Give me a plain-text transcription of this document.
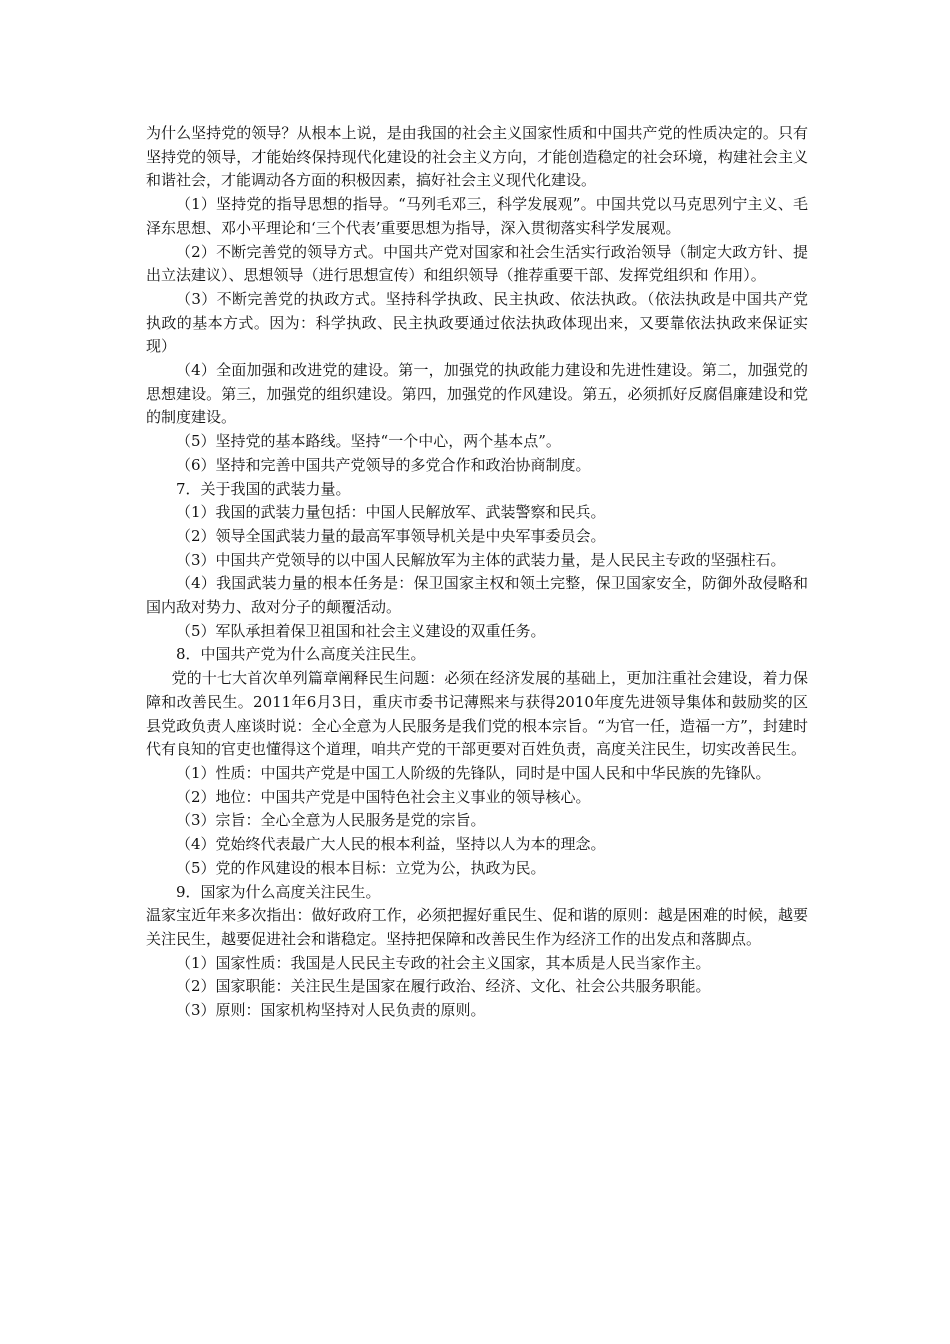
为什么坚持党的领导？从根本上说，是由我国的社会主义国家性质和中国共产党的性质决定的。只有坚持党的领导，才能始终保持现代化建设的社会主义方向，才能创造稳定的社会环境，构建社会主义和谐社会，才能调动各方面的积极因素，搞好社会主义现代化建设。

（1）坚持党的指导思想的指导。“马列毛邓三，科学发展观”。中国共党以马克思列宁主义、毛泽东思想、邓小平理论和‘三个代表’重要思想为指导，深入贯彻落实科学发展观。

（2）不断完善党的领导方式。中国共产党对国家和社会生活实行政治领导（制定大政方针、提出立法建议）、思想领导（进行思想宣传）和组织领导（推荐重要干部、发挥党组织和 作用）。

（3）不断完善党的执政方式。坚持科学执政、民主执政、依法执政。（依法执政是中国共产党执政的基本方式。因为：科学执政、民主执政要通过依法执政体现出来，又要靠依法执政来保证实现）

（4）全面加强和改进党的建设。第一，加强党的执政能力建设和先进性建设。第二，加强党的思想建设。第三，加强党的组织建设。第四，加强党的作风建设。第五，必须抓好反腐倡廉建设和党的制度建设。

（5）坚持党的基本路线。坚持“一个中心，两个基本点”。

（6）坚持和完善中国共产党领导的多党合作和政治协商制度。

7．关于我国的武装力量。

（1）我国的武装力量包括：中国人民解放军、武装警察和民兵。

（2）领导全国武装力量的最高军事领导机关是中央军事委员会。

（3）中国共产党领导的以中国人民解放军为主体的武装力量，是人民民主专政的坚强柱石。

（4）我国武装力量的根本任务是：保卫国家主权和领土完整，保卫国家安全，防御外敌侵略和国内敌对势力、敌对分子的颠覆活动。

（5）军队承担着保卫祖国和社会主义建设的双重任务。

8．中国共产党为什么高度关注民生。

党的十七大首次单列篇章阐释民生问题：必须在经济发展的基础上，更加注重社会建设，着力保障和改善民生。2011年6月3日，重庆市委书记薄熙来与获得2010年度先进领导集体和鼓励奖的区县党政负责人座谈时说：全心全意为人民服务是我们党的根本宗旨。“为官一任，造福一方”，封建时代有良知的官吏也懂得这个道理，咱共产党的干部更要对百姓负责，高度关注民生，切实改善民生。

（1）性质：中国共产党是中国工人阶级的先锋队，同时是中国人民和中华民族的先锋队。

（2）地位：中国共产党是中国特色社会主义事业的领导核心。

（3）宗旨：全心全意为人民服务是党的宗旨。

（4）党始终代表最广大人民的根本利益，坚持以人为本的理念。

（5）党的作风建设的根本目标：立党为公，执政为民。

9．国家为什么高度关注民生。

温家宝近年来多次指出：做好政府工作，必须把握好重民生、促和谐的原则：越是困难的时候，越要关注民生，越要促进社会和谐稳定。坚持把保障和改善民生作为经济工作的出发点和落脚点。

（1）国家性质：我国是人民民主专政的社会主义国家，其本质是人民当家作主。

（2）国家职能：关注民生是国家在履行政治、经济、文化、社会公共服务职能。

（3）原则：国家机构坚持对人民负责的原则。
